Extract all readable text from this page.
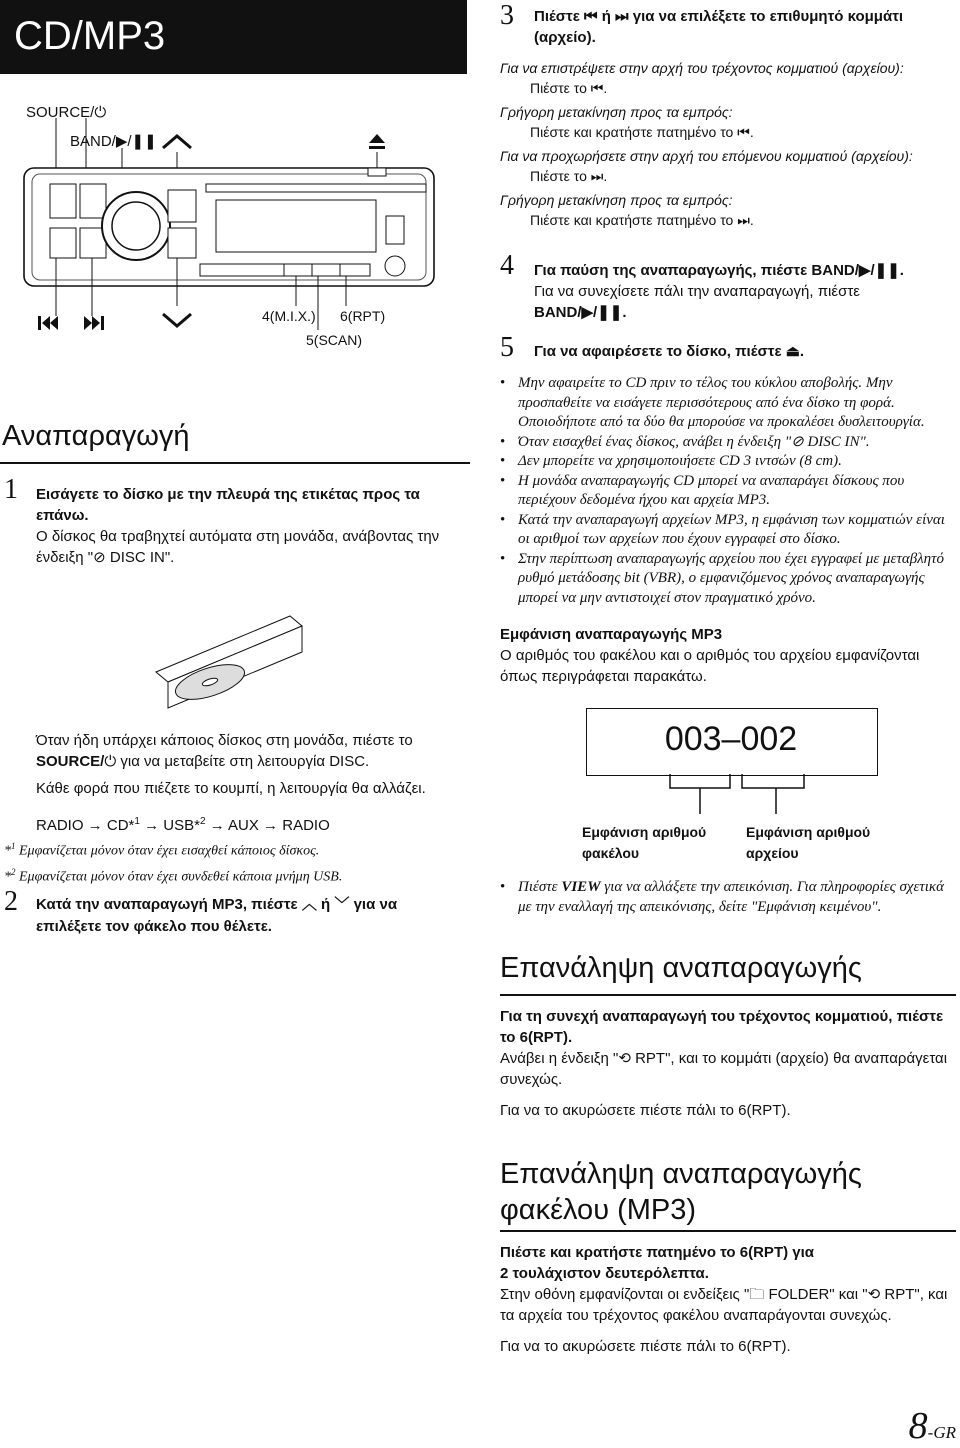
CD/MP3
SOURCE/⏻
BAND/▶/❚❚
4(M.I.X.) 6(RPT)
5(SCAN)
Αναπαραγωγή
1 Εισάγετε το δίσκο με την πλευρά της ετικέτας προς τα επάνω.
Ο δίσκος θα τραβηχτεί αυτόματα στη μονάδα, ανάβοντας την ένδειξη "⊘ DISC IN".
Όταν ήδη υπάρχει κάποιος δίσκος στη μονάδα, πιέστε το SOURCE/⏻ για να μεταβείτε στη λειτουργία DISC.
Κάθε φορά που πιέζετε το κουμπί, η λειτουργία θα αλλάζει.
RADIO → CD*$^1$ → USB*$^2$ → AUX → RADIO
*$^1$ Εμφανίζεται μόνον όταν έχει εισαχθεί κάποιος δίσκος.
*$^2$ Εμφανίζεται μόνον όταν έχει συνδεθεί κάποια μνήμη USB.
2 Κατά την αναπαραγωγή MP3, πιέστε ︿ ή ﹀ για να επιλέξετε τον φάκελο που θέλετε.
3 Πιέστε ⏮ ή ⏭ για να επιλέξετε το επιθυμητό κομμάτι (αρχείο).
Για να επιστρέψετε στην αρχή του τρέχοντος κομματιού (αρχείου):
Πιέστε το ⏮.
Γρήγορη μετακίνηση προς τα εμπρός:
Πιέστε και κρατήστε πατημένο το ⏮.
Για να προχωρήσετε στην αρχή του επόμενου κομματιού (αρχείου):
Πιέστε το ⏭.
Γρήγορη μετακίνηση προς τα εμπρός:
Πιέστε και κρατήστε πατημένο το ⏭.
4 Για παύση της αναπαραγωγής, πιέστε BAND/▶/❚❚.
Για να συνεχίσετε πάλι την αναπαραγωγή, πιέστε
BAND/▶/❚❚.
5 Για να αφαιρέσετε το δίσκο, πιέστε ⏏.
• Μην αφαιρείτε το CD πριν το τέλος του κύκλου αποβολής. Μην προσπαθείτε να εισάγετε περισσότερους από ένα δίσκο τη φορά. Οποιοδήποτε από τα δύο θα μπορούσε να προκαλέσει δυσλειτουργία.
• Όταν εισαχθεί ένας δίσκος, ανάβει η ένδειξη "⊘ DISC IN".
• Δεν μπορείτε να χρησιμοποιήσετε CD 3 ιντσών (8 cm).
• Η μονάδα αναπαραγωγής CD μπορεί να αναπαράγει δίσκους που περιέχουν δεδομένα ήχου και αρχεία MP3.
• Κατά την αναπαραγωγή αρχείων MP3, η εμφάνιση των κομματιών είναι οι αριθμοί των αρχείων που έχουν εγγραφεί στο δίσκο.
• Στην περίπτωση αναπαραγωγής αρχείου που έχει εγγραφεί με μεταβλητό ρυθμό μετάδοσης bit (VBR), ο εμφανιζόμενος χρόνος αναπαραγωγής μπορεί να μην αντιστοιχεί στον πραγματικό χρόνο.
Εμφάνιση αναπαραγωγής MP3
Ο αριθμός του φακέλου και ο αριθμός του αρχείου εμφανίζονται όπως περιγράφεται παρακάτω.
003–002
Εμφάνιση αριθμού
φακέλου
Εμφάνιση αριθμού
αρχείου
• Πιέστε VIEW για να αλλάξετε την απεικόνιση. Για πληροφορίες σχετικά με την εναλλαγή της απεικόνισης, δείτε "Εμφάνιση κειμένου".
Επανάληψη αναπαραγωγής
Για τη συνεχή αναπαραγωγή του τρέχοντος κομματιού, πιέστε το 6(RPT).
Ανάβει η ένδειξη "⟲ RPT", και το κομμάτι (αρχείο) θα αναπαράγεται συνεχώς.
Για να το ακυρώσετε πιέστε πάλι το 6(RPT).
Επανάληψη αναπαραγωγής
φακέλου (MP3)
Πιέστε και κρατήστε πατημένο το 6(RPT) για
2 τουλάχιστον δευτερόλεπτα.
Στην οθόνη εμφανίζονται οι ενδείξεις "🗀 FOLDER" και "⟲ RPT", και τα αρχεία του τρέχοντος φακέλου αναπαράγονται συνεχώς.
Για να το ακυρώσετε πιέστε πάλι το 6(RPT).
8-GR
